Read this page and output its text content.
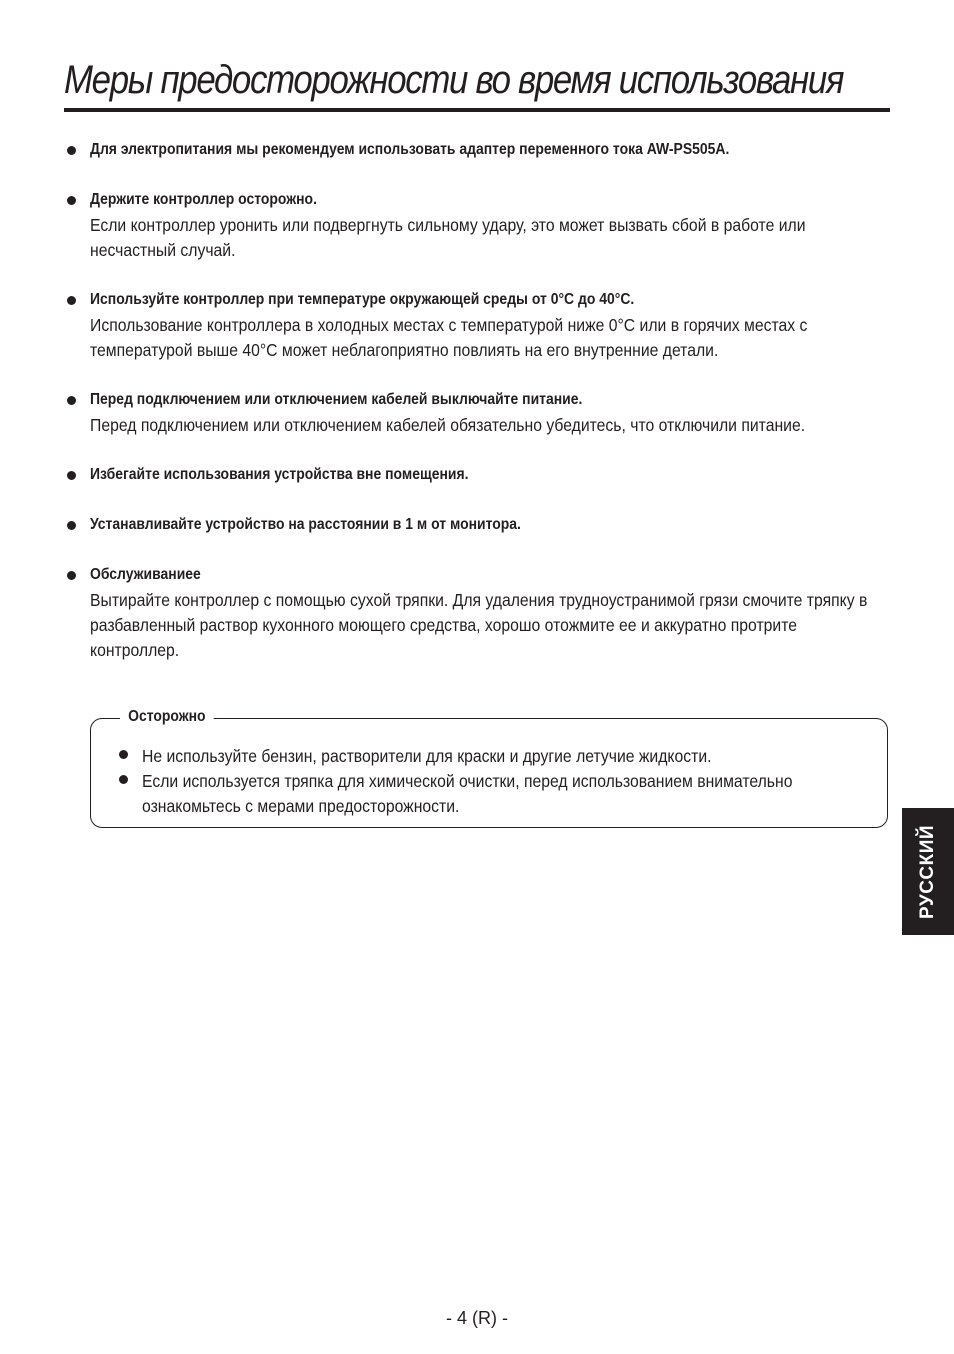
Меры предосторожности во время использования
Для электропитания мы рекомендуем использовать адаптер переменного тока AW-PS505A.
Держите контроллер осторожно.
Если контроллер уронить или подвергнуть сильному удару, это может вызвать сбой в работе или несчастный случай.
Используйте контроллер при температуре окружающей среды от 0°C до 40°C.
Использование контроллера в холодных местах с температурой ниже 0°C или в горячих местах с температурой выше 40°C может неблагоприятно повлиять на его внутренние детали.
Перед подключением или отключением кабелей выключайте питание.
Перед подключением или отключением кабелей обязательно убедитесь, что отключили питание.
Избегайте использования устройства вне помещения.
Устанавливайте устройство на расстоянии в 1 м от монитора.
Обслуживаниее
Вытирайте контроллер с помощью сухой тряпки. Для удаления трудноустранимой грязи смочите тряпку в разбавленный раствор кухонного моющего средства, хорошо отожмите ее и аккуратно протрите контроллер.
Осторожно
Не используйте бензин, растворители для краски и другие летучие жидкости.
Если используется тряпка для химической очистки, перед использованием внимательно ознакомьтесь с мерами предосторожности.
РУССКИЙ
- 4 (R) -
